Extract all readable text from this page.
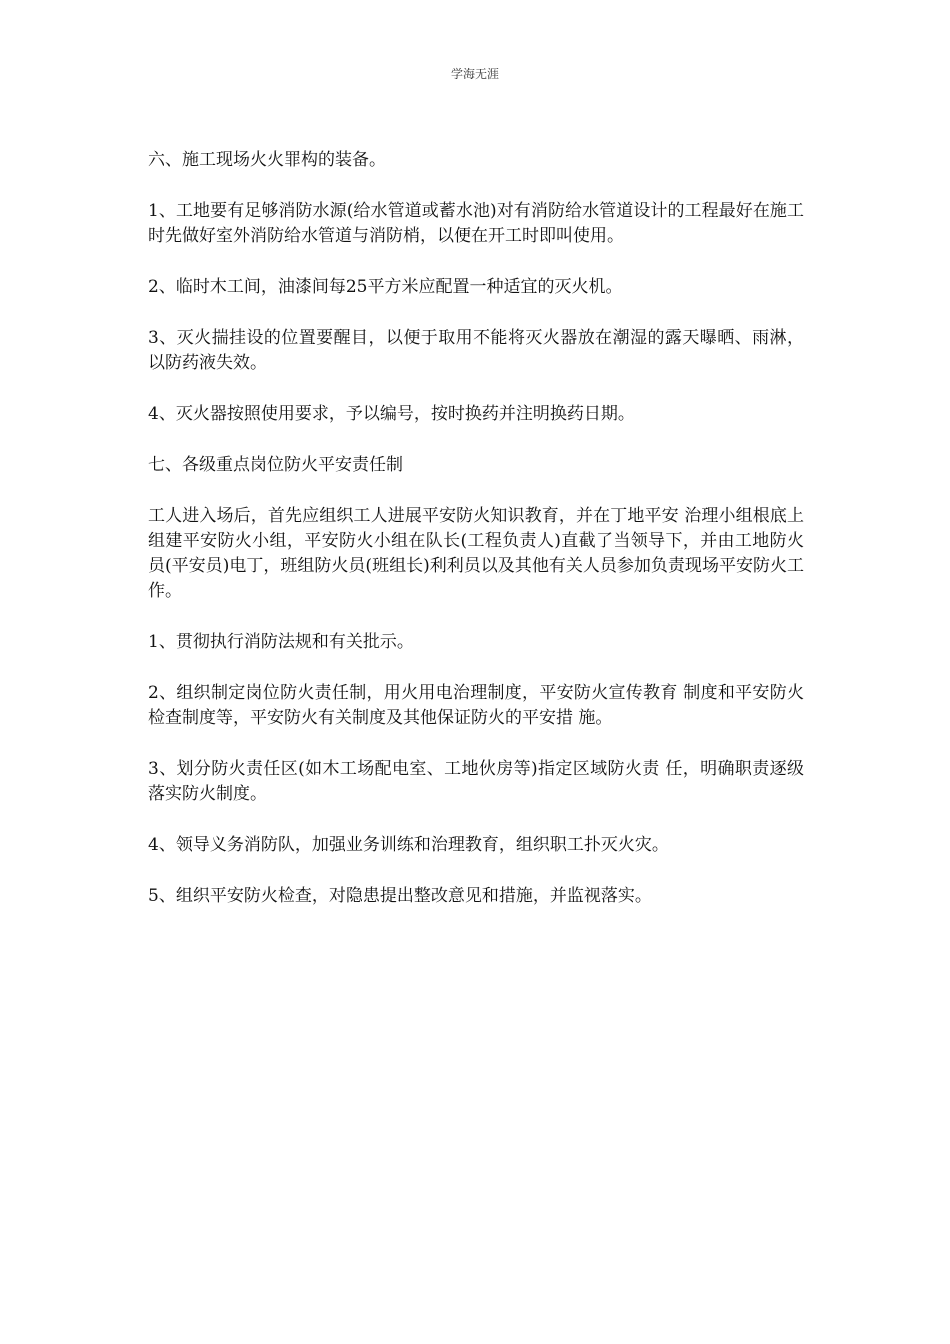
学海无涯

六、施工现场火火罪构的装备。

1、工地要有足够消防水源(给水管道或蓄水池)对有消防给水管道设计的工程最好在施工时先做好室外消防给水管道与消防梢，以便在开工时即叫使用。

2、临时木工间，油漆间每25平方米应配置一种适宜的灭火机。

3、灭火揣挂设的位置要醒目，以便于取用不能将灭火器放在潮湿的露天曝晒、雨淋，以防药液失效。

4、灭火器按照使用要求，予以编号，按时换药并注明换药日期。

七、各级重点岗位防火平安责任制

工人进入场后，首先应组织工人进展平安防火知识教育，并在丁地平安 治理小组根底上组建平安防火小组，平安防火小组在队长(工程负责人)直截了当领导下，并由工地防火员(平安员)电丁，班组防火员(班组长)利利员以及其他有关人员参加负责现场平安防火工作。

1、贯彻执行消防法规和有关批示。

2、组织制定岗位防火责任制，用火用电治理制度，平安防火宣传教育 制度和平安防火检查制度等，平安防火有关制度及其他保证防火的平安措 施。

3、划分防火责任区(如木工场配电室、工地伙房等)指定区域防火责 任，明确职责逐级落实防火制度。

4、领导义务消防队，加强业务训练和治理教育，组织职工扑灭火灾。

5、组织平安防火检查，对隐患提出整改意见和措施，并监视落实。
